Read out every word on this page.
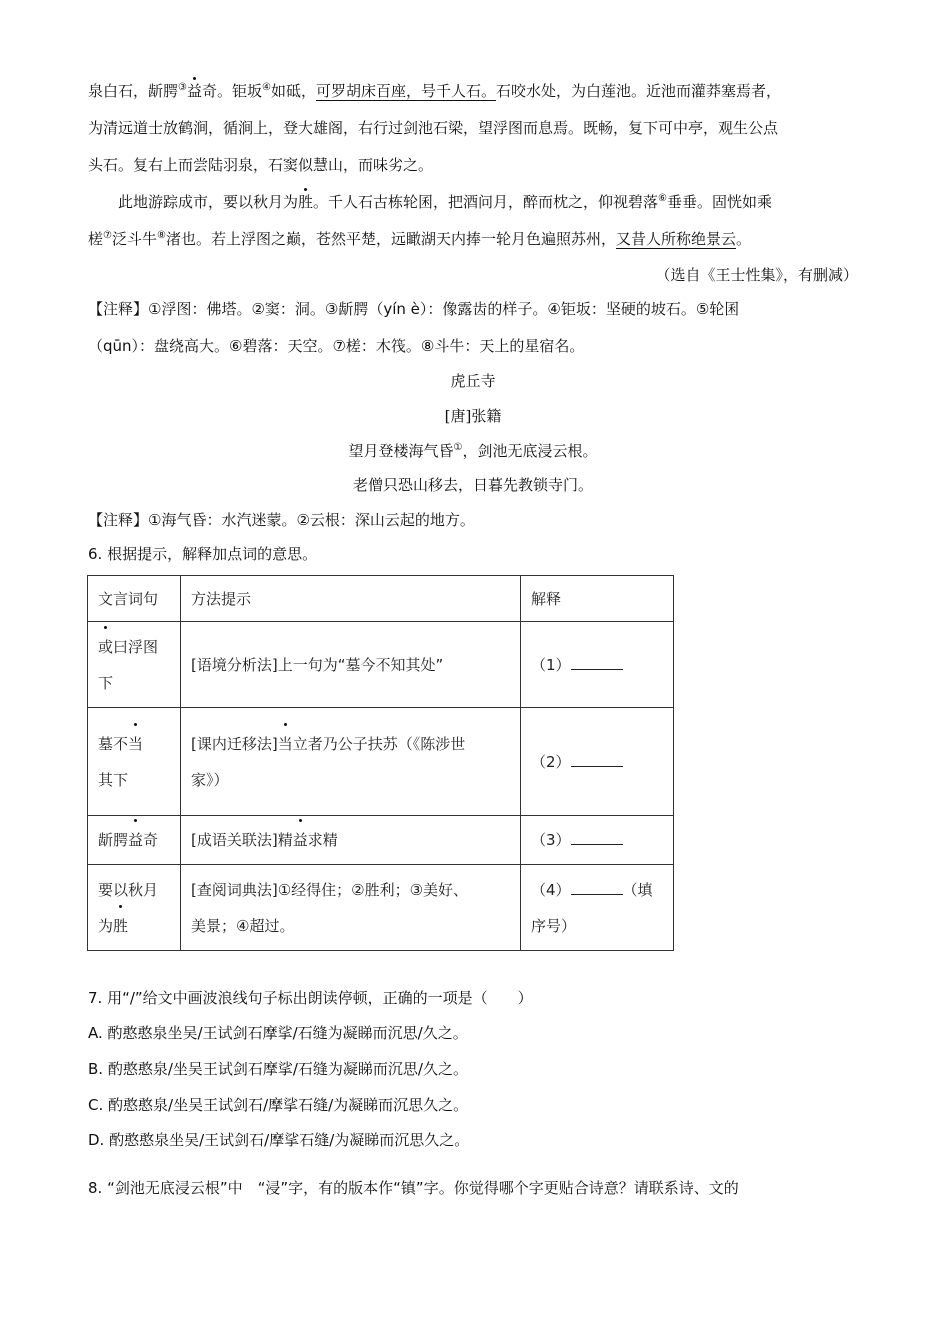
泉白石，龂腭③益奇。钜坂④如砥，可罗胡床百座，号千人石。石咬水处，为白莲池。近池而灌莽塞焉者，
为清远道士放鹤涧，循涧上，登大雄阁，右行过剑池石梁，望浮图而息焉。既畅，复下可中亭，观生公点
头石。复右上而尝陆羽泉，石窦似慧山，而味劣之。
此地游踪成市，要以秋月为胜。千人石古栋轮囷，把酒问月，醉而枕之，仰视碧落⑥垂垂。固恍如乘
槎⑦泛斗牛⑧渚也。若上浮图之巅，苍然平楚，远瞰湖天内捧一轮月色遍照苏州，又昔人所称绝景云。
（选自《王士性集》，有删减）
【注释】①浮图：佛塔。②窦：洞。③龂腭（yín è）：像露齿的样子。④钜坂：坚硬的坡石。⑤轮囷
（qūn）：盘绕高大。⑥碧落：天空。⑦槎：木筏。⑧斗牛：天上的星宿名。
虎丘寺
[唐]张籍
望月登楼海气昏①，剑池无底浸云根。
老僧只恐山移去，日暮先教锁寺门。
【注释】①海气昏：水汽迷蒙。②云根：深山云起的地方。
6. 根据提示，解释加点词的意思。
文言词句	方法提示	解释
或曰浮图
下	[语境分析法]上一句为“墓今不知其处”	（1）
墓不当
其下	[课内迁移法]当立者乃公子扶苏（《陈涉世
家》）	（2）
龂腭益奇	[成语关联法]精益求精	（3）
要以秋月
为胜	[查阅词典法]①经得住；②胜利；③美好、
美景；④超过。	（4） （填
序号）
7. 用“/”给文中画波浪线句子标出朗读停顿，正确的一项是（　　）
A. 酌憨憨泉坐吴/王试剑石摩挲/石缝为凝睇而沉思/久之。
B. 酌憨憨泉/坐吴王试剑石摩挲/石缝为凝睇而沉思/久之。
C. 酌憨憨泉/坐吴王试剑石/摩挲石缝/为凝睇而沉思久之。
D. 酌憨憨泉坐吴/王试剑石/摩挲石缝/为凝睇而沉思久之。
8. “剑池无底浸云根”中　“浸”字，有的版本作“镇”字。你觉得哪个字更贴合诗意？请联系诗、文的
